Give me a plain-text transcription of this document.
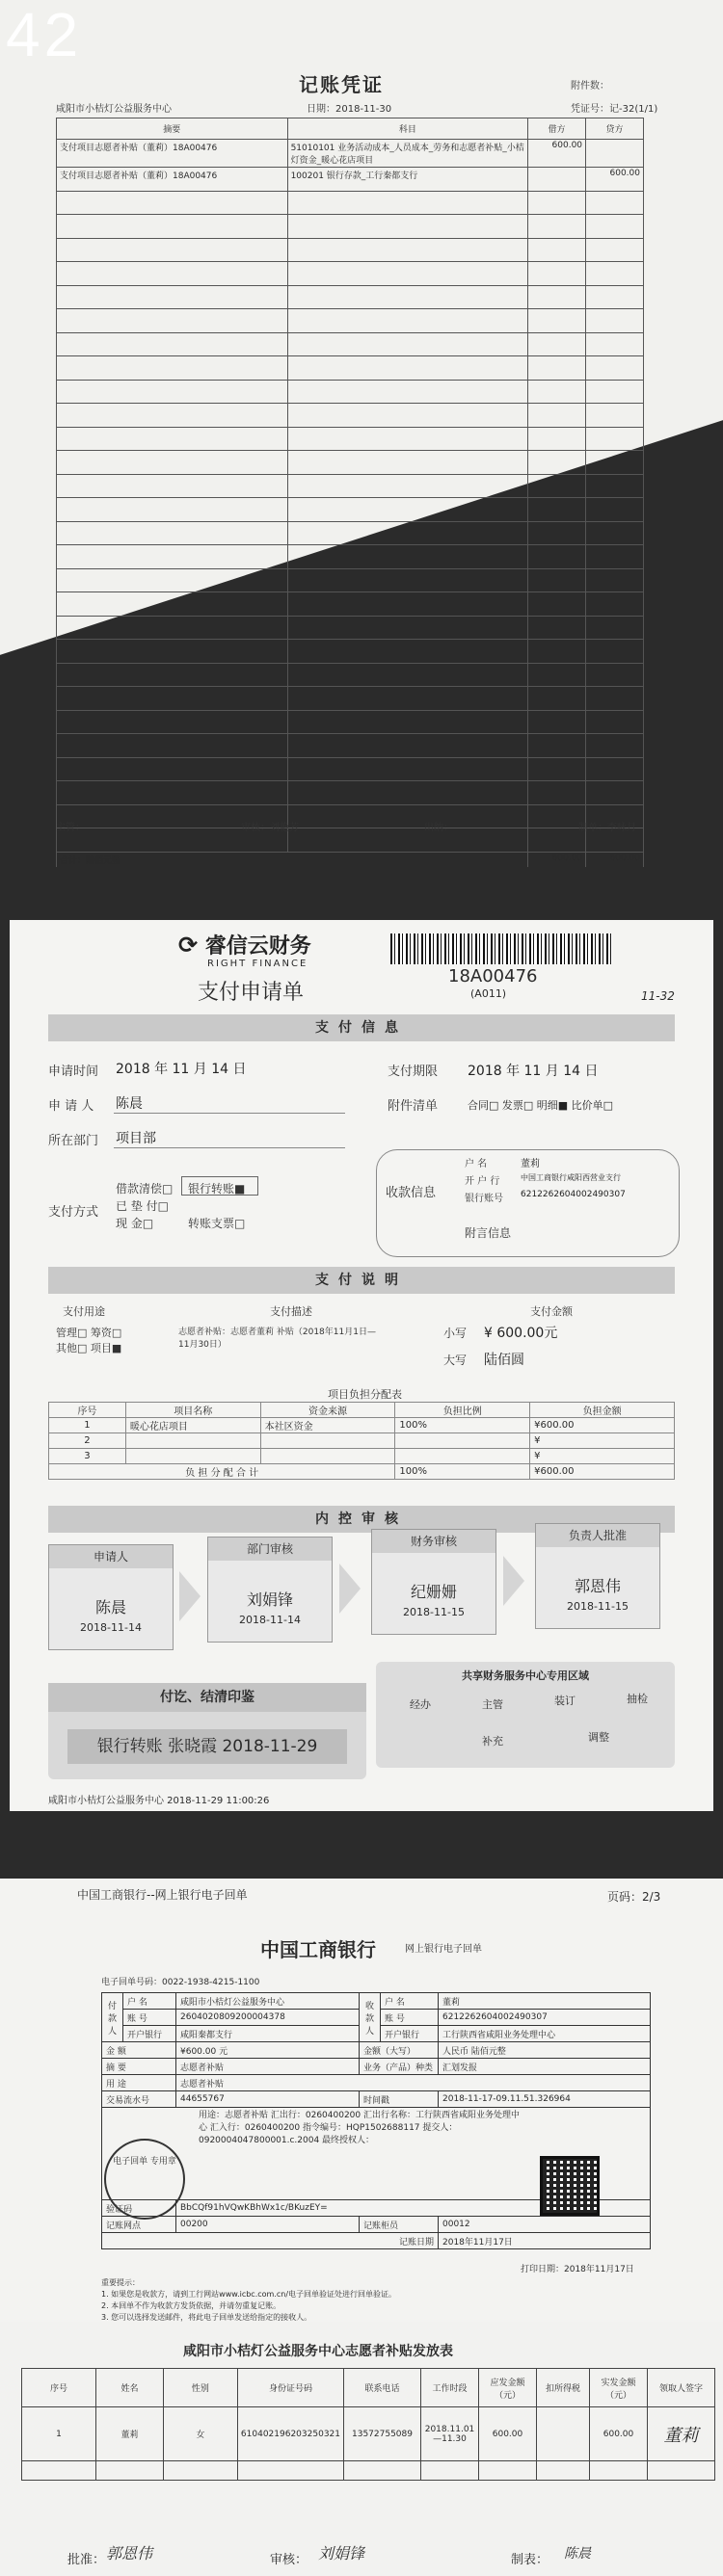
42
记账凭证
咸阳市小桔灯公益服务中心	日期：2018-11-30
附件数：
凭证号：记-32(1/1)
摘要	科目	借方	贷方
支付项目志愿者补贴（董莉）18A00476	51010101 业务活动成本_人员成本_劳务和志愿者补贴_小桔灯资金_暖心花店项目	600.00	
支付项目志愿者补贴（董莉）18A00476	100201 银行存款_工行秦都支行		600.00

合计：陆佰元整		600.00	600.00
主管：	审核：刘艳芳	出纳：	制单：李咏月
⟳ 睿信云财务
RIGHT FINANCE
支付申请单
18A00476
(A011)	11-32
支付信息
申请时间 2018 年 11 月 14 日	支付期限 2018 年 11 月 14 日
申 请 人 陈晨	附件清单	合同□ 发票□ 明细■ 比价单□
所在部门 项目部
支付方式
借款清偿□
已 垫 付□
现 金□
银行转账■
转账支票□
收款信息
户 名	董莉
开 户 行	中国工商银行咸阳西营业支行
银行账号 6212262604002490307
附言信息
支付说明
支付用途	支付描述	支付金额
管理□ 筹资□
其他□ 项目■
志愿者补贴：志愿者董莉 补贴（2018年11月1日—11月30日）
小写 ¥ 600.00元
大写 陆佰圆
项目负担分配表
序号	项目名称	资金来源	负担比例	负担金额
1	暖心花店项目	本社区资金	100%	¥600.00
2				¥
3				¥
负 担 分 配 合 计			100%	¥600.00
内控审核
申请人
陈晨
2018-11-14
部门审核
刘娟锋
2018-11-14
财务审核
纪姗姗
2018-11-15
负责人批准
郭恩伟
2018-11-15
付讫、结清印鉴
银行转账 张晓霞 2018-11-29
共享财务服务中心专用区域
经办	主管	装订	抽检
补充	调整
咸阳市小桔灯公益服务中心 2018-11-29 11:00:26
中国工商银行--网上银行电子回单	页码：2/3
中国工商银行	网上银行电子回单
电子回单号码：0022-1938-4215-1100
付款人	户 名	咸阳市小桔灯公益服务中心	收款人	户 名	董莉
	账 号	2604020809200004378		账 号	6212262604002490307
	开户银行	咸阳秦都支行		开户银行	工行陕西省咸阳业务处理中心
金 额		¥600.00 元	金额（大写）		人民币 陆佰元整
摘 要		志愿者补贴	业务（产品）种类		汇划发报
用 途		志愿者补贴			
交易流水号		44655767	时间戳		2018-11-17-09.11.51.326964
用途：志愿者补贴 汇出行：0260400200 汇出行名称：工行陕西省咸阳业务处理中心 汇入行：0260400200 指令编号：HQP1502688117 提交人：0920004047800001.c.2004 最终授权人：					
验证码		BbCQf91hVQwKBhWx1c/BKuzEY=			
记账网点		00200	记账柜员		00012
记账日期					2018年11月17日
电子回单 专用章
打印日期：2018年11月17日
重要提示：
1. 如果您是收款方，请到工行网站www.icbc.com.cn/电子回单验证处进行回单验证。
2. 本回单不作为收款方发货依据，并请勿重复记账。
3. 您可以选择发送邮件，将此电子回单发送给指定的接收人。
咸阳市小桔灯公益服务中心志愿者补贴发放表
序号	姓名	性别	身份证号码	联系电话	工作时段	应发金额（元）	扣所得税	实发金额（元）	领取人签字
1	董莉	女	610402196203250321	13572755089	2018.11.01—11.30	600.00		600.00	董莉

批准： 郭恩伟	审核： 刘娟锋	制表： 陈晨
